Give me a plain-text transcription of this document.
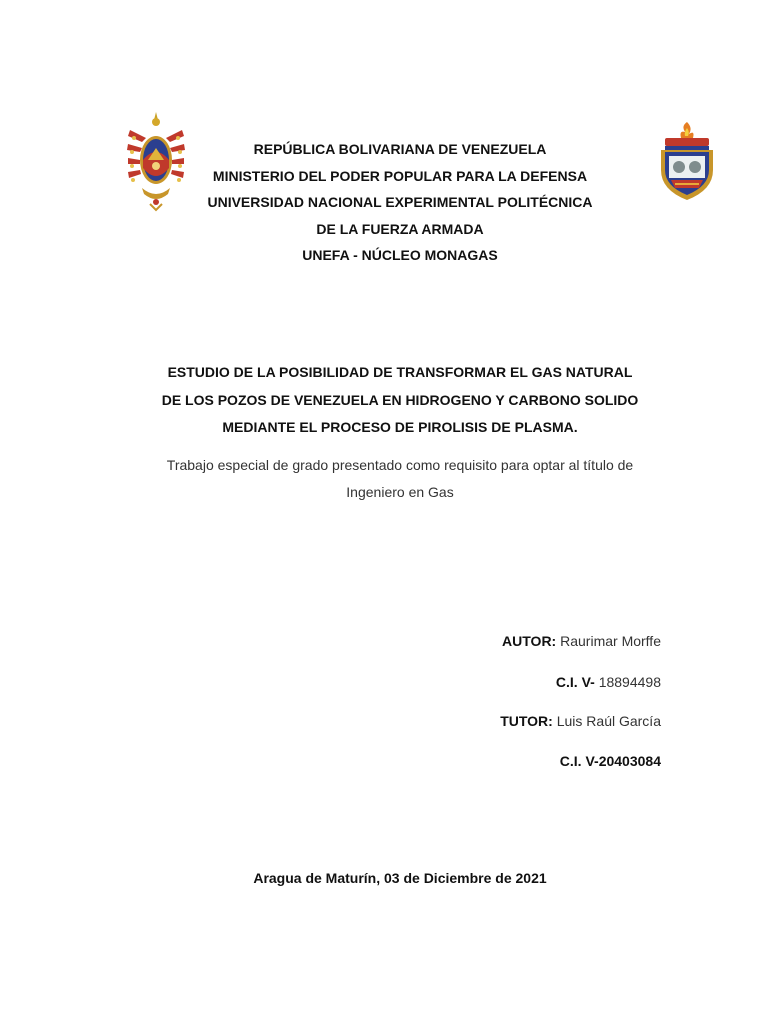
REPÚBLICA BOLIVARIANA DE VENEZUELA
MINISTERIO DEL PODER POPULAR PARA LA DEFENSA
UNIVERSIDAD NACIONAL EXPERIMENTAL POLITÉCNICA
DE LA FUERZA ARMADA
UNEFA - NÚCLEO MONAGAS
ESTUDIO DE LA POSIBILIDAD DE TRANSFORMAR EL GAS NATURAL
DE LOS POZOS DE VENEZUELA EN HIDROGENO Y CARBONO SOLIDO
MEDIANTE EL PROCESO DE PIROLISIS DE PLASMA.
Trabajo especial de grado presentado como requisito para optar al título de
Ingeniero en Gas
AUTOR: Raurimar Morffe
C.I. V- 18894498
TUTOR: Luis Raúl García
C.I. V-20403084
Aragua de Maturín, 03 de Diciembre de 2021
